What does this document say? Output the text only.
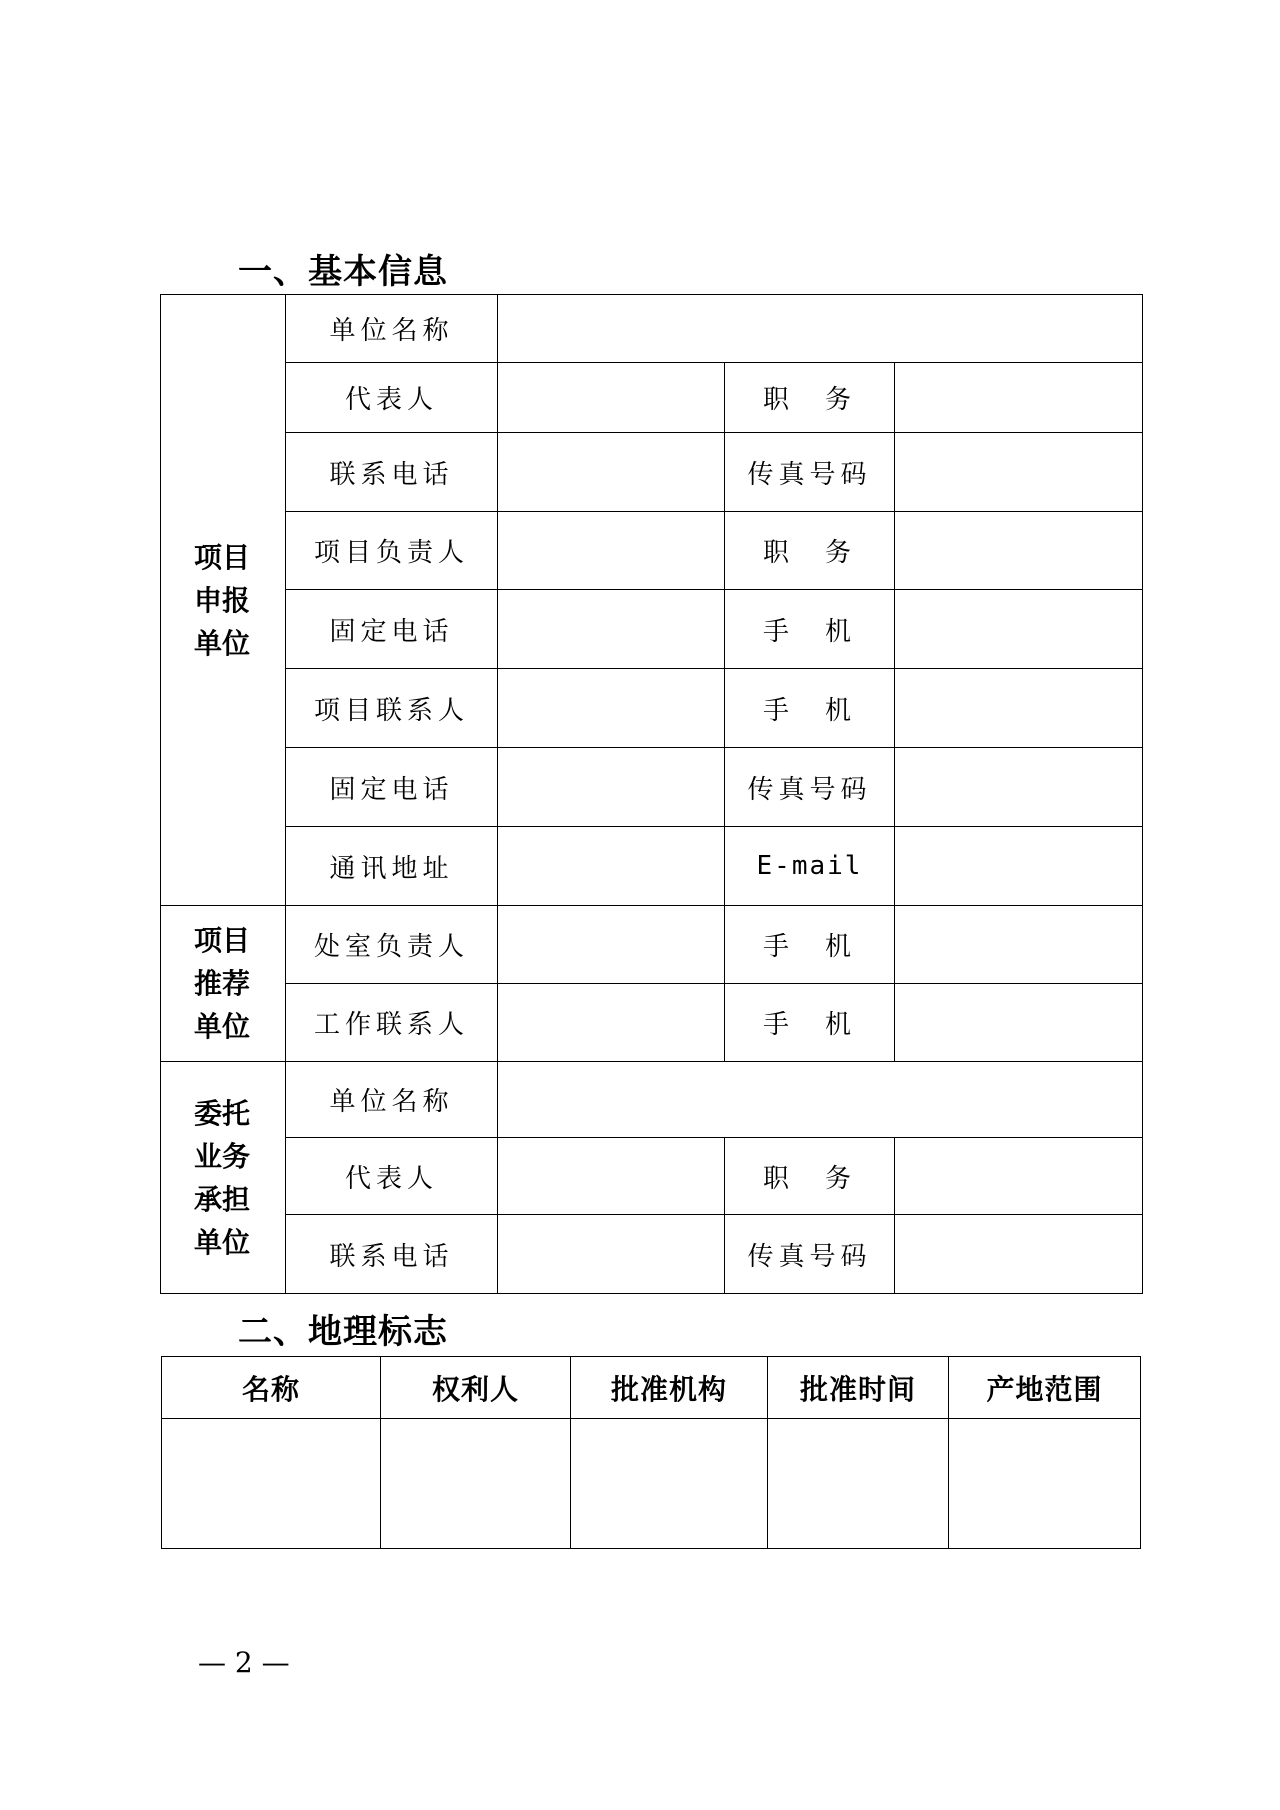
一、基本信息
项目申报单位	单位名称			
	代表人		职　务	
	联系电话		传真号码	
	项目负责人		职　务	
	固定电话		手　机	
	项目联系人		手　机	
	固定电话		传真号码	
	通讯地址		E-mail	
项目推荐单位	处室负责人		手　机	
	工作联系人		手　机	
委托业务承担单位	单位名称			
	代表人		职　务	
	联系电话		传真号码	
二、地理标志
名称	权利人	批准机构	批准时间	产地范围

— 2 —
